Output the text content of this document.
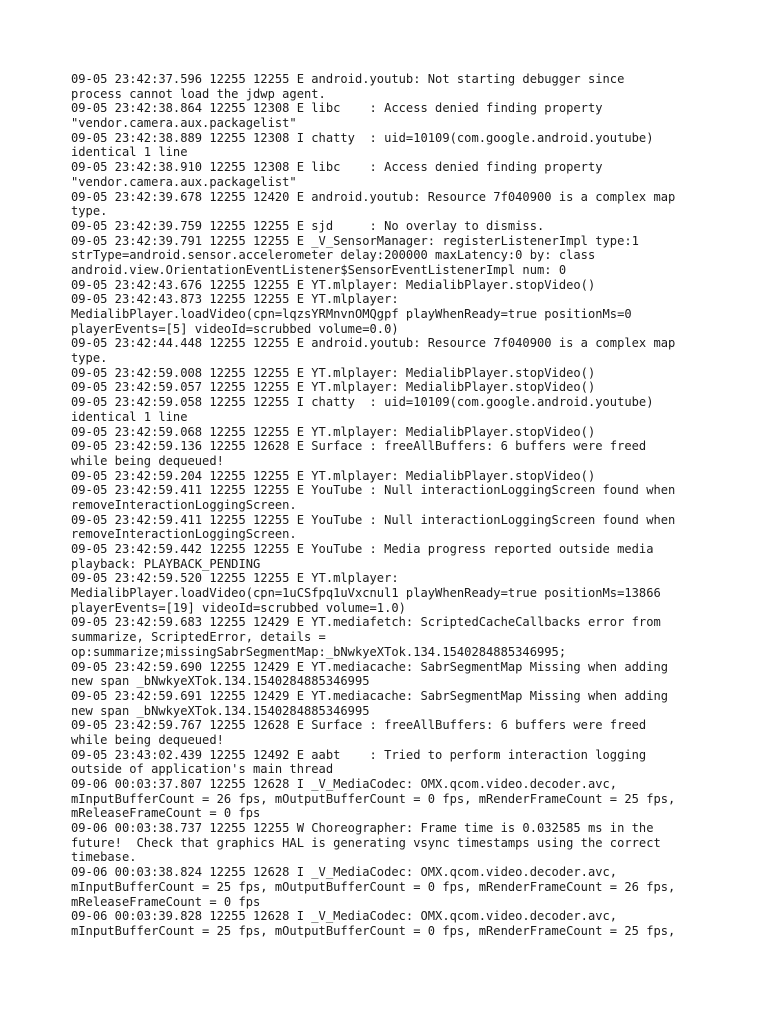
09-05 23:42:37.596 12255 12255 E android.youtub: Not starting debugger since
process cannot load the jdwp agent.
09-05 23:42:38.864 12255 12308 E libc    : Access denied finding property
"vendor.camera.aux.packagelist"
09-05 23:42:38.889 12255 12308 I chatty  : uid=10109(com.google.android.youtube)
identical 1 line
09-05 23:42:38.910 12255 12308 E libc    : Access denied finding property
"vendor.camera.aux.packagelist"
09-05 23:42:39.678 12255 12420 E android.youtub: Resource 7f040900 is a complex map
type.
09-05 23:42:39.759 12255 12255 E sjd     : No overlay to dismiss.
09-05 23:42:39.791 12255 12255 E _V_SensorManager: registerListenerImpl type:1
strType=android.sensor.accelerometer delay:200000 maxLatency:0 by: class
android.view.OrientationEventListener$SensorEventListenerImpl num: 0
09-05 23:42:43.676 12255 12255 E YT.mlplayer: MedialibPlayer.stopVideo()
09-05 23:42:43.873 12255 12255 E YT.mlplayer:
MedialibPlayer.loadVideo(cpn=lqzsYRMnvnOMQgpf playWhenReady=true positionMs=0
playerEvents=[5] videoId=scrubbed volume=0.0)
09-05 23:42:44.448 12255 12255 E android.youtub: Resource 7f040900 is a complex map
type.
09-05 23:42:59.008 12255 12255 E YT.mlplayer: MedialibPlayer.stopVideo()
09-05 23:42:59.057 12255 12255 E YT.mlplayer: MedialibPlayer.stopVideo()
09-05 23:42:59.058 12255 12255 I chatty  : uid=10109(com.google.android.youtube)
identical 1 line
09-05 23:42:59.068 12255 12255 E YT.mlplayer: MedialibPlayer.stopVideo()
09-05 23:42:59.136 12255 12628 E Surface : freeAllBuffers: 6 buffers were freed
while being dequeued!
09-05 23:42:59.204 12255 12255 E YT.mlplayer: MedialibPlayer.stopVideo()
09-05 23:42:59.411 12255 12255 E YouTube : Null interactionLoggingScreen found when
removeInteractionLoggingScreen.
09-05 23:42:59.411 12255 12255 E YouTube : Null interactionLoggingScreen found when
removeInteractionLoggingScreen.
09-05 23:42:59.442 12255 12255 E YouTube : Media progress reported outside media
playback: PLAYBACK_PENDING
09-05 23:42:59.520 12255 12255 E YT.mlplayer:
MedialibPlayer.loadVideo(cpn=1uCSfpq1uVxcnul1 playWhenReady=true positionMs=13866
playerEvents=[19] videoId=scrubbed volume=1.0)
09-05 23:42:59.683 12255 12429 E YT.mediafetch: ScriptedCacheCallbacks error from
summarize, ScriptedError, details =
op:summarize;missingSabrSegmentMap:_bNwkyeXTok.134.1540284885346995;
09-05 23:42:59.690 12255 12429 E YT.mediacache: SabrSegmentMap Missing when adding
new span _bNwkyeXTok.134.1540284885346995
09-05 23:42:59.691 12255 12429 E YT.mediacache: SabrSegmentMap Missing when adding
new span _bNwkyeXTok.134.1540284885346995
09-05 23:42:59.767 12255 12628 E Surface : freeAllBuffers: 6 buffers were freed
while being dequeued!
09-05 23:43:02.439 12255 12492 E aabt    : Tried to perform interaction logging
outside of application's main thread
09-06 00:03:37.807 12255 12628 I _V_MediaCodec: OMX.qcom.video.decoder.avc,
mInputBufferCount = 26 fps, mOutputBufferCount = 0 fps, mRenderFrameCount = 25 fps,
mReleaseFrameCount = 0 fps
09-06 00:03:38.737 12255 12255 W Choreographer: Frame time is 0.032585 ms in the
future!  Check that graphics HAL is generating vsync timestamps using the correct
timebase.
09-06 00:03:38.824 12255 12628 I _V_MediaCodec: OMX.qcom.video.decoder.avc,
mInputBufferCount = 25 fps, mOutputBufferCount = 0 fps, mRenderFrameCount = 26 fps,
mReleaseFrameCount = 0 fps
09-06 00:03:39.828 12255 12628 I _V_MediaCodec: OMX.qcom.video.decoder.avc,
mInputBufferCount = 25 fps, mOutputBufferCount = 0 fps, mRenderFrameCount = 25 fps,
